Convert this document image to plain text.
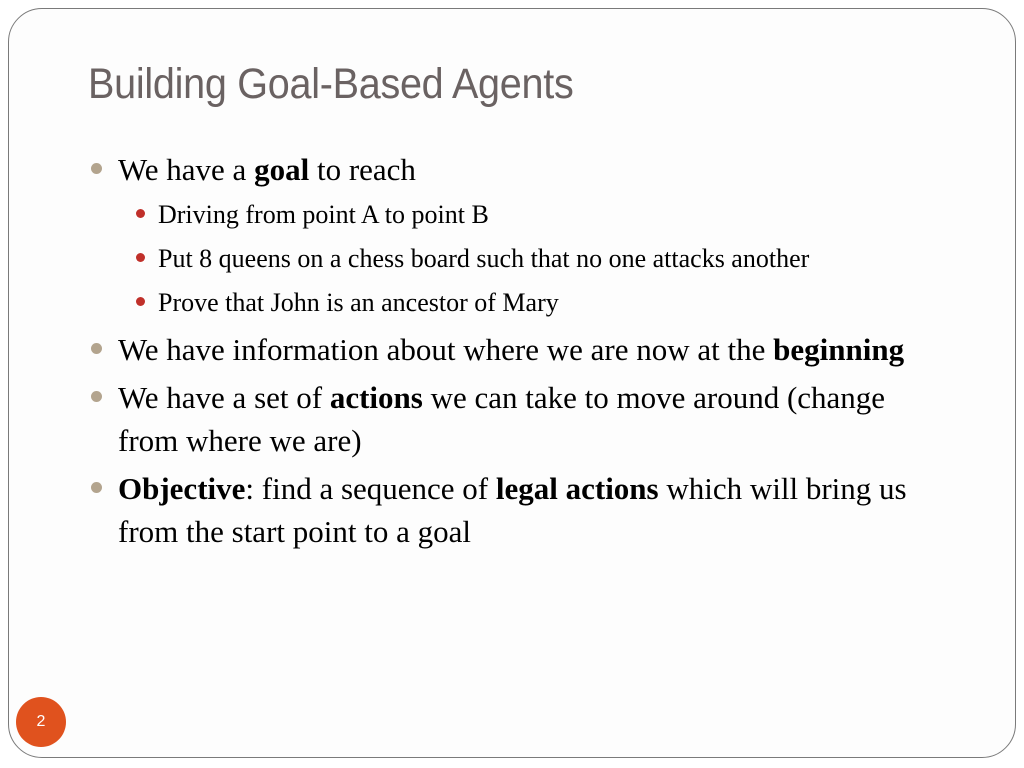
Building Goal-Based Agents
We have a goal to reach
Driving from point A to point B
Put 8 queens on a chess board such that no one attacks another
Prove that John is an ancestor of Mary
We have information about where we are now at the beginning
We have a set of actions we can take to move around (change from where we are)
Objective: find a sequence of legal actions which will bring us from the start point to a goal
2
